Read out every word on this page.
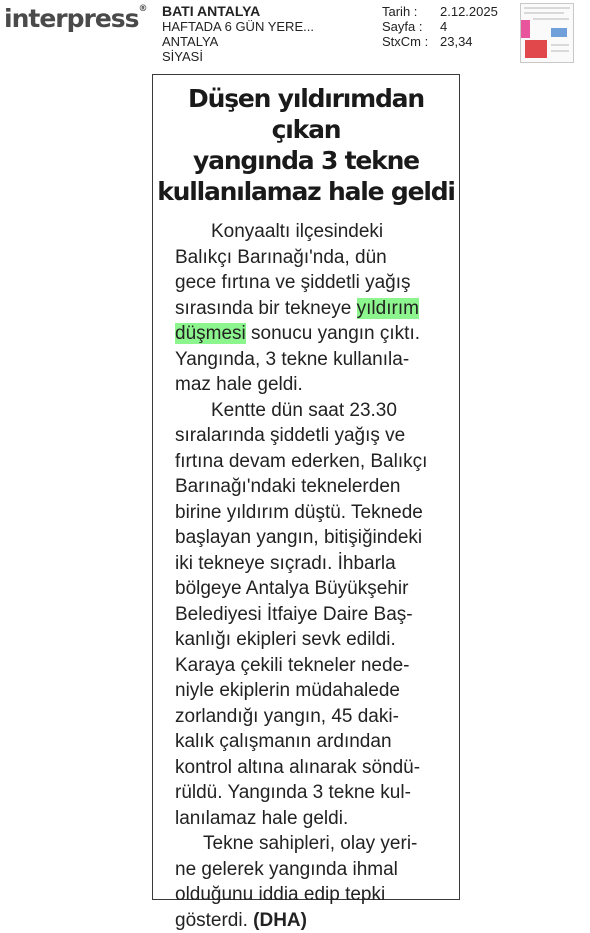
interpress® BATI ANTALYA
HAFTADA 6 GÜN YERE...
ANTALYA
SİYASİ
Tarih :	2.12.2025
Sayfa :	4
StxCm : 23,34
Düşen yıldırımdan çıkan
yangında 3 tekne
kullanılamaz hale geldi
Konyaaltı ilçesindeki
Balıkçı Barınağı'nda, dün
gece fırtına ve şiddetli yağış
sırasında bir tekneye yıldırım
düşmesi sonucu yangın çıktı.
Yangında, 3 tekne kullanıla-
maz hale geldi.
Kentte dün saat 23.30
sıralarında şiddetli yağış ve
fırtına devam ederken, Balıkçı
Barınağı'ndaki teknelerden
birine yıldırım düştü. Teknede
başlayan yangın, bitişiğindeki
iki tekneye sıçradı. İhbarla
bölgeye Antalya Büyükşehir
Belediyesi İtfaiye Daire Baş-
kanlığı ekipleri sevk edildi.
Karaya çekili tekneler nede-
niyle ekiplerin müdahalede
zorlandığı yangın, 45 daki-
kalık çalışmanın ardından
kontrol altına alınarak söndü-
rüldü. Yangında 3 tekne kul-
lanılamaz hale geldi.
Tekne sahipleri, olay yeri-
ne gelerek yangında ihmal
olduğunu iddia edip tepki
gösterdi. (DHA)
